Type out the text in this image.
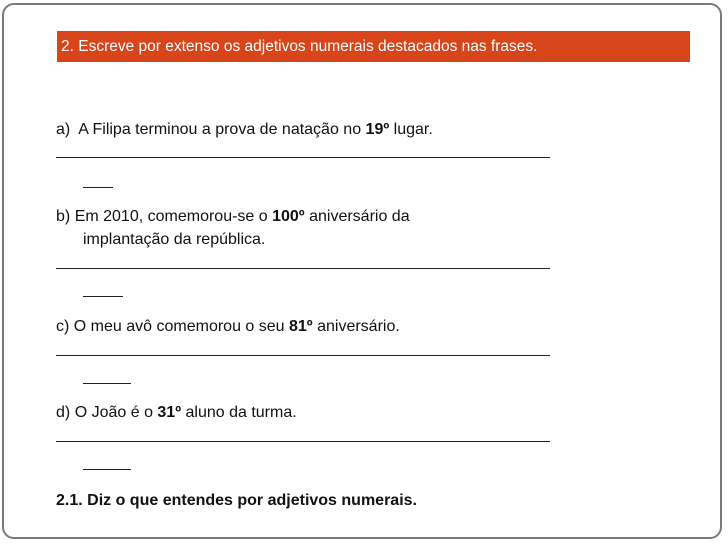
2. Escreve por extenso os adjetivos numerais destacados nas frases.
a) A Filipa terminou a prova de natação no 19º lugar.
b) Em 2010, comemorou-se o 100º aniversário da
implantação da república.
c) O meu avô comemorou o seu 81º aniversário.
d) O João é o 31º aluno da turma.
2.1. Diz o que entendes por adjetivos numerais.
